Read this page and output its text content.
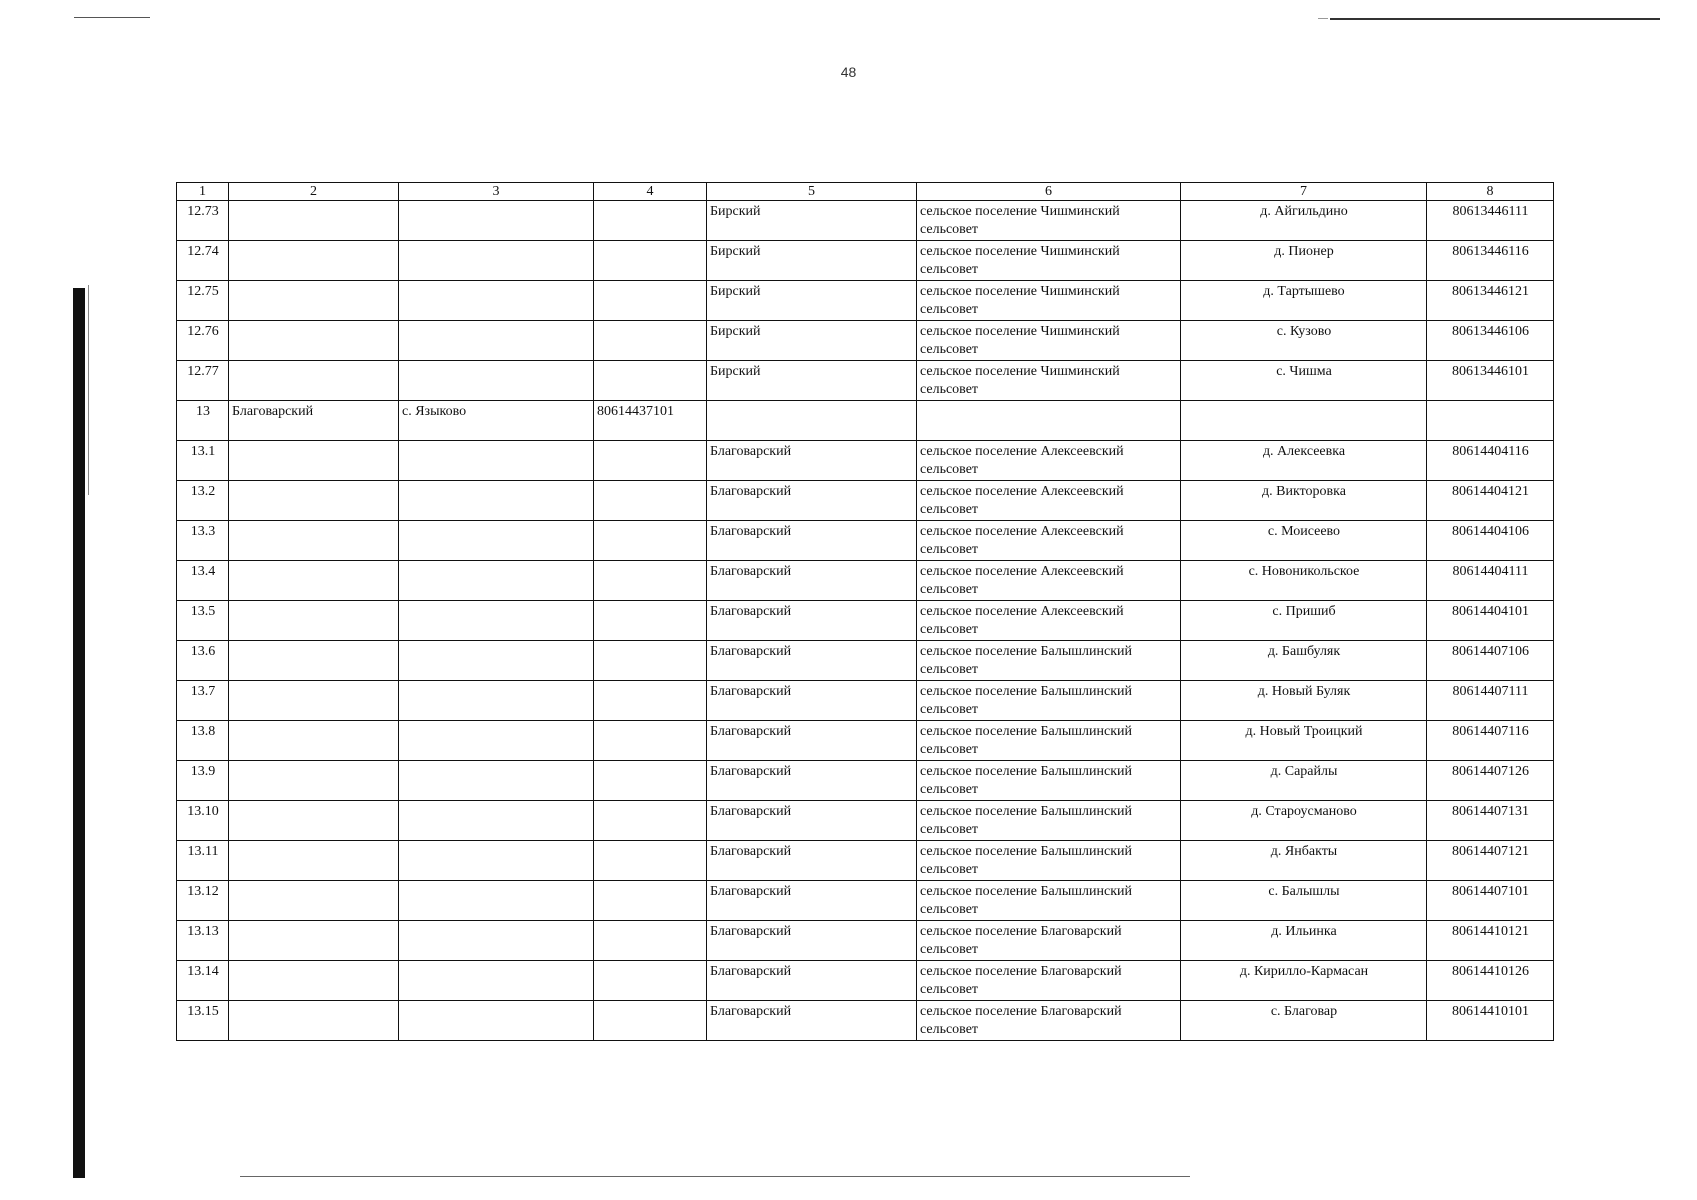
48
1	2	3	4	5	6	7	8
12.73				Бирский	сельское поселение Чишминский сельсовет	д. Айгильдино	80613446111
12.74				Бирский	сельское поселение Чишминский сельсовет	д. Пионер	80613446116
12.75				Бирский	сельское поселение Чишминский сельсовет	д. Тартышево	80613446121
12.76				Бирский	сельское поселение Чишминский сельсовет	с. Кузово	80613446106
12.77				Бирский	сельское поселение Чишминский сельсовет	с. Чишма	80613446101
13	Благоварский	с. Языково	80614437101				
13.1				Благоварский	сельское поселение Алексеевский сельсовет	д. Алексеевка	80614404116
13.2				Благоварский	сельское поселение Алексеевский сельсовет	д. Викторовка	80614404121
13.3				Благоварский	сельское поселение Алексеевский сельсовет	с. Моисеево	80614404106
13.4				Благоварский	сельское поселение Алексеевский сельсовет	с. Новоникольское	80614404111
13.5				Благоварский	сельское поселение Алексеевский сельсовет	с. Пришиб	80614404101
13.6				Благоварский	сельское поселение Балышлинский сельсовет	д. Башбуляк	80614407106
13.7				Благоварский	сельское поселение Балышлинский сельсовет	д. Новый Буляк	80614407111
13.8				Благоварский	сельское поселение Балышлинский сельсовет	д. Новый Троицкий	80614407116
13.9				Благоварский	сельское поселение Балышлинский сельсовет	д. Сарайлы	80614407126
13.10				Благоварский	сельское поселение Балышлинский сельсовет	д. Староусманово	80614407131
13.11				Благоварский	сельское поселение Балышлинский сельсовет	д. Янбакты	80614407121
13.12				Благоварский	сельское поселение Балышлинский сельсовет	с. Балышлы	80614407101
13.13				Благоварский	сельское поселение Благоварский сельсовет	д. Ильинка	80614410121
13.14				Благоварский	сельское поселение Благоварский сельсовет	д. Кирилло-Кармасан	80614410126
13.15				Благоварский	сельское поселение Благоварский сельсовет	с. Благовар	80614410101
